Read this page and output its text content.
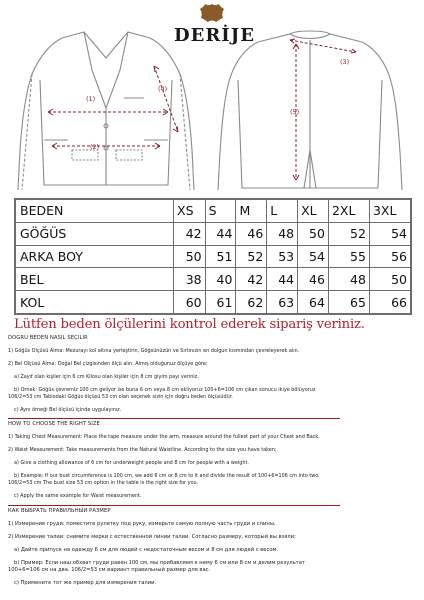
(1)
(2)
(4)
(3)
(5)
DERİJE
BEDEN	XS	S	M	L	XL	2XL	3XL
GÖĞÜS	42	44	46	48	50	52	54
ARKA BOY	50	51	52	53	54	55	56
BEL	38	40	42	44	46	48	50
KOL	60	61	62	63	64	65	66
Lütfen beden ölçülerini kontrol ederek sipariş veriniz.
DOĞRU BEDEN NASIL SEÇİLİR
1) Göğüs Ölçüsü Alma: Mezurayı kol altına yerleştirin, Göğsünüzün ve Sırtınızın en dolgun kısmından çevreleyerek alın.
2) Bel Ölçüsü Alma: Doğal Bel çizgisinden ölçü alın. Almış olduğunuz ölçüye göre;
a) Zayıf olan kişiler için 6 cm Kilosu olan kişiler için 8 cm giyim payı veriniz.
b) Örnek: Göğüs çevremiz 100 cm geliyor ise buna 6 cm veya 8 cm ekliyoruz 100+6=106 cm çıkan sonucu ikiye bölüyoruz
106/2=53 cm Tablodaki Göğüs ölçüsü 53 cm olan seçenek sizin için doğru beden ölçüsüdür.
c) Aynı örneği Bel ölçüsü içinde uygulayınız.
HOW TO CHOOSE THE RIGHT SIZE
1) Taking Chest Measurement: Place the tape measure under the arm, measure around the fullest part of your Chest and Back.
2) Waist Measurement: Take measurements from the Natural Waistline. According to the size you have taken;
a) Give a clothing allowance of 6 cm for underweight people and 8 cm for people with a weight.
b) Example: If our bust circumference is 100 cm, we add 6 cm or 8 cm to it and divide the result of 100+6=106 cm into two.
106/2=53 cm The bust size 53 cm option in the table is the right size for you.
c) Apply the same example for Waist measurement.
КАК ВЫБРАТЬ ПРАВИЛЬНЫЙ РАЗМЕР
1) Измерение груди: поместите рулетку под руку, измерьте самую полную часть груди и спины.
2) Измерение талии: снимите мерки с естественной линии талии. Согласно размеру, который вы взяли;
a) Дайте припуск на одежду 6 см для людей с недостаточным весом и 8 см для людей с весом.
b) Пример: Если наш обхват груди равен 100 см, мы прибавляем к нему 6 см или 8 см и делим результат
100+6=106 см на два. 106/2=53 см вариант правильный размер для вас.
c) Примените тот же пример для измерения талии.
